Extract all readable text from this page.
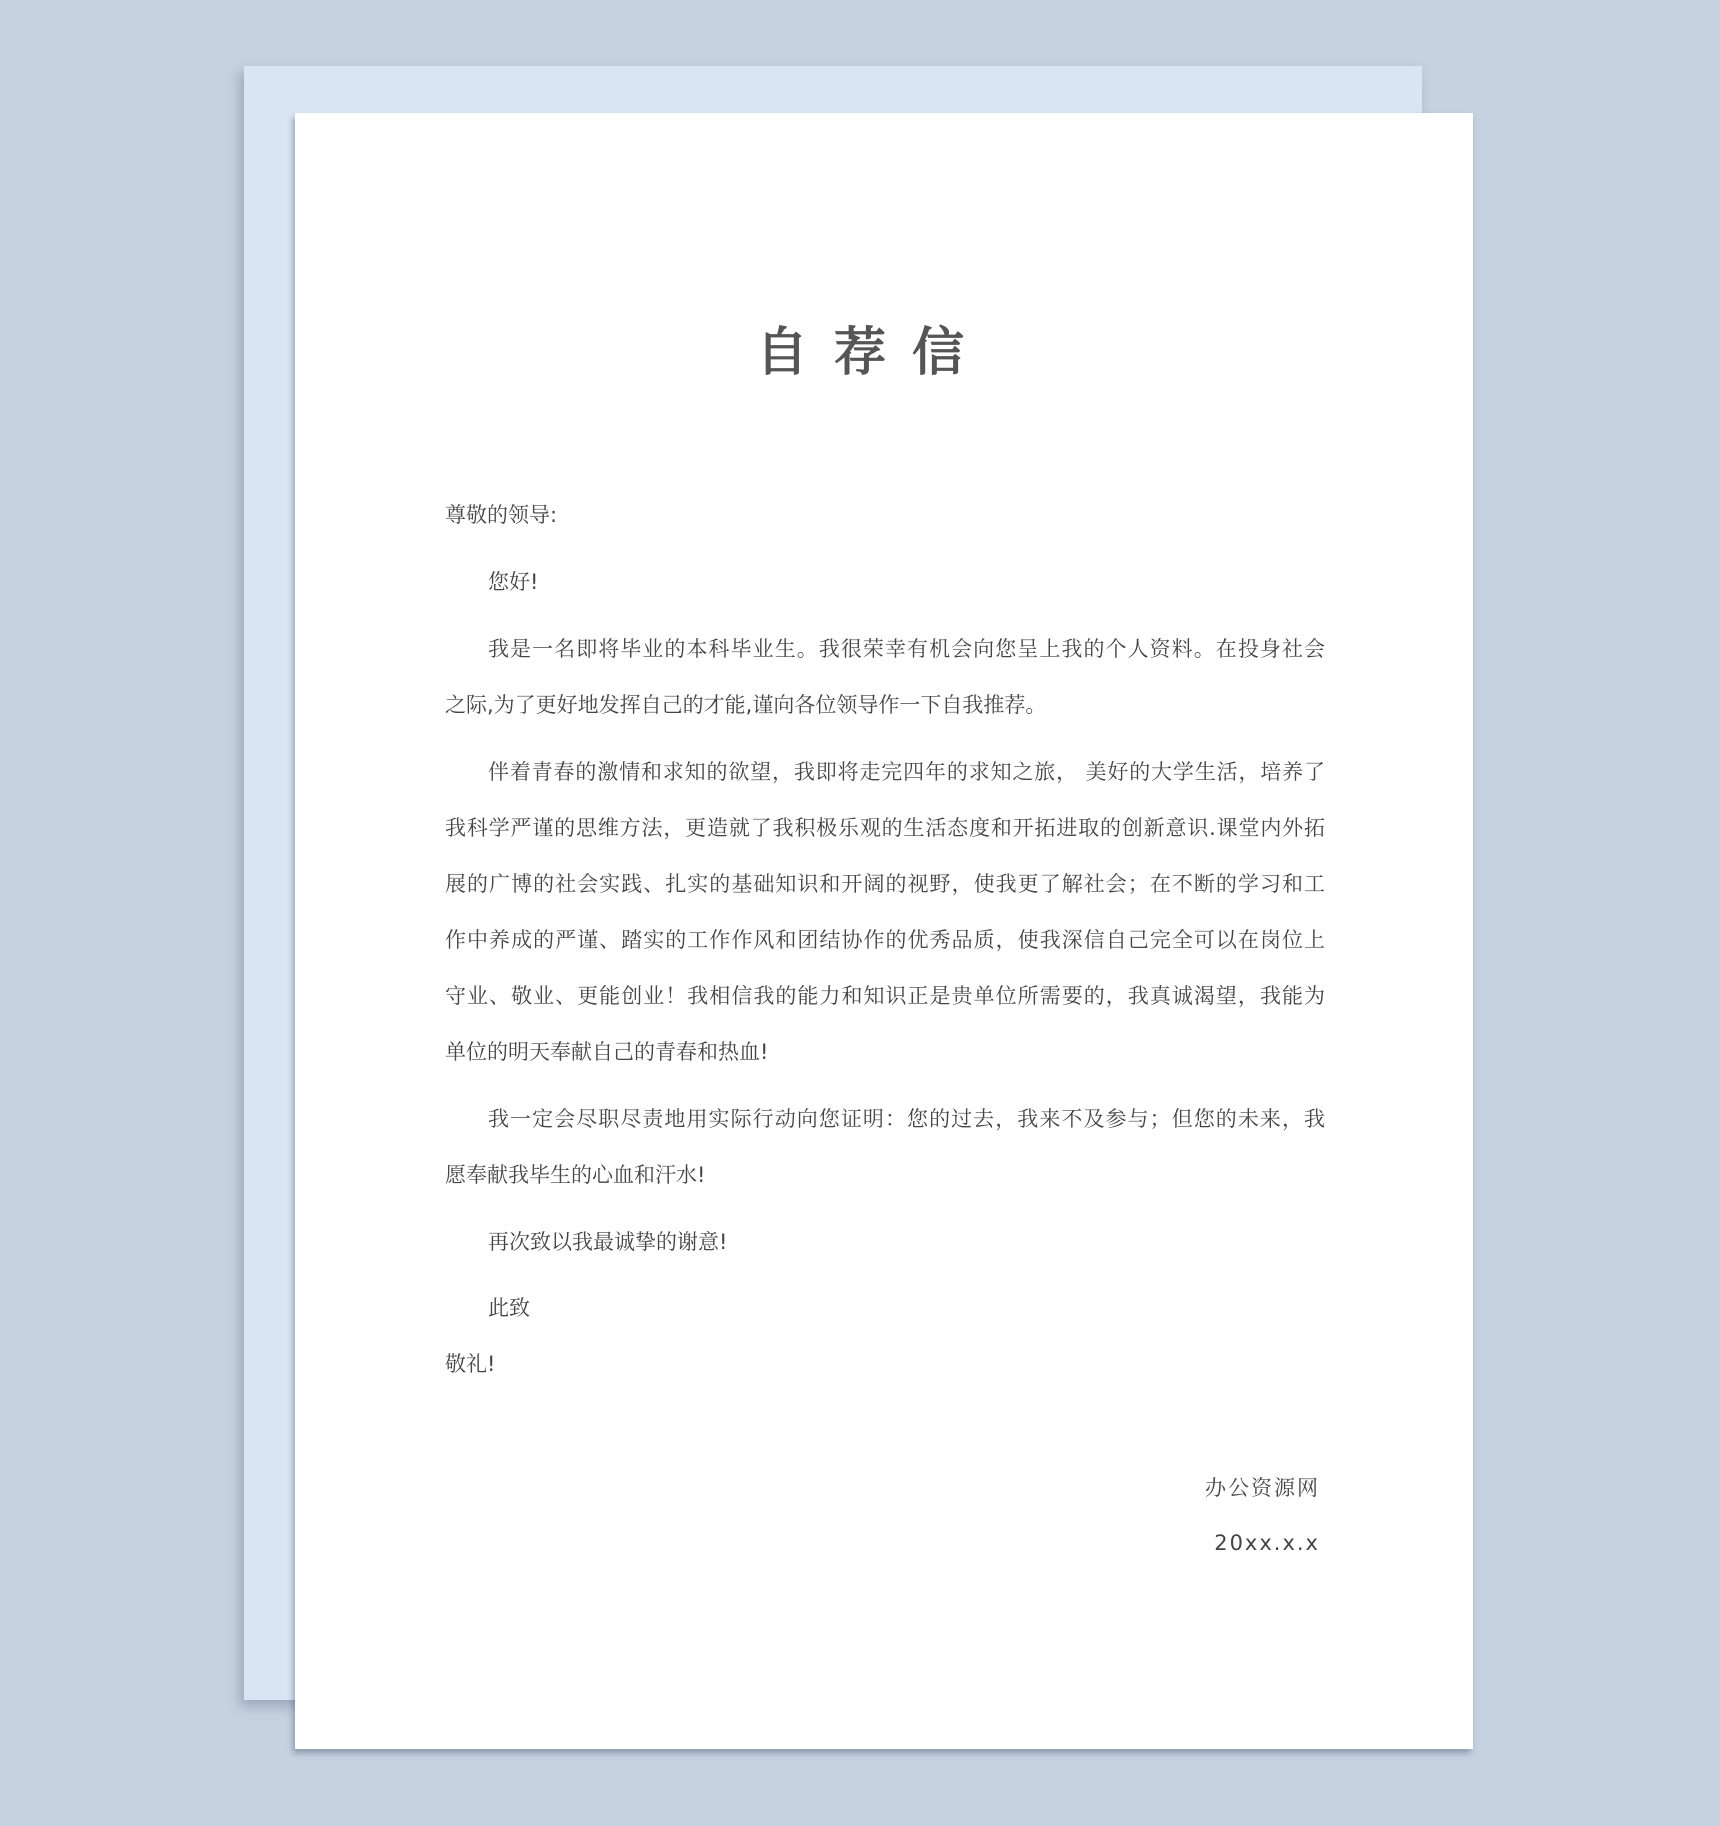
自荐信
尊敬的领导:
您好!
我是一名即将毕业的本科毕业生。我很荣幸有机会向您呈上我的个人资料。在投身社会
之际,为了更好地发挥自己的才能,谨向各位领导作一下自我推荐。
伴着青春的激情和求知的欲望，我即将走完四年的求知之旅， 美好的大学生活，培养了
我科学严谨的思维方法，更造就了我积极乐观的生活态度和开拓进取的创新意识.课堂内外拓
展的广博的社会实践、扎实的基础知识和开阔的视野，使我更了解社会；在不断的学习和工
作中养成的严谨、踏实的工作作风和团结协作的优秀品质，使我深信自己完全可以在岗位上
守业、敬业、更能创业！我相信我的能力和知识正是贵单位所需要的，我真诚渴望，我能为
单位的明天奉献自己的青春和热血!
我一定会尽职尽责地用实际行动向您证明：您的过去，我来不及参与；但您的未来，我
愿奉献我毕生的心血和汗水!
再次致以我最诚挚的谢意!
此致
敬礼!
办公资源网
20xx.x.x
